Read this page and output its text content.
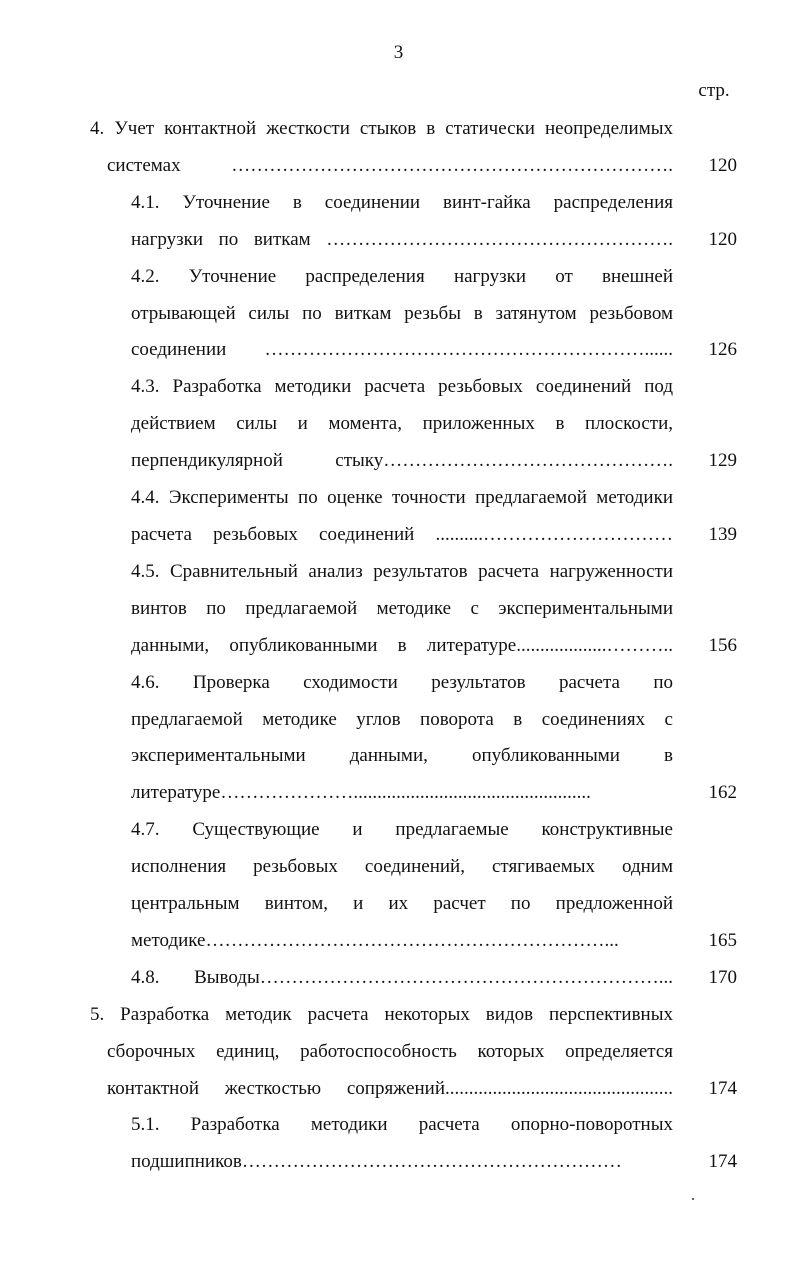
3
стр.
4. Учет контактной жесткости стыков в статически неопределимых
системах …………………………………………………………….	120
4.1. Уточнение в соединении винт-гайка распределения
нагрузки по виткам ……………………………………………….	120
4.2. Уточнение распределения нагрузки от внешней
отрывающей силы по виткам резьбы в затянутом резьбовом
соединении ……………………………………………………......	126
4.3. Разработка методики расчета резьбовых соединений под
действием силы и момента, приложенных в плоскости,
перпендикулярной стыку……………………………………….	129
4.4. Эксперименты по оценке точности предлагаемой методики
расчета резьбовых соединений ..........…………………………	139
4.5. Сравнительный анализ результатов расчета нагруженности
винтов по предлагаемой методике с экспериментальными
данными, опубликованными в литературе...................………..	156
4.6. Проверка сходимости результатов расчета по
предлагаемой методике углов поворота в соединениях с
экспериментальными данными, опубликованными в
литературе…………………..................................................	162
4.7. Существующие и предлагаемые конструктивные
исполнения резьбовых соединений, стягиваемых одним
центральным винтом, и их расчет по предложенной
методике………………………………………………………...	165
4.8. Выводы………………………………………………………...	170
5. Разработка методик расчета некоторых видов перспективных
сборочных единиц, работоспособность которых определяется
контактной жесткостью сопряжений................................................	174
5.1. Разработка методики расчета опорно-поворотных
подшипников……………………………………………………	174
